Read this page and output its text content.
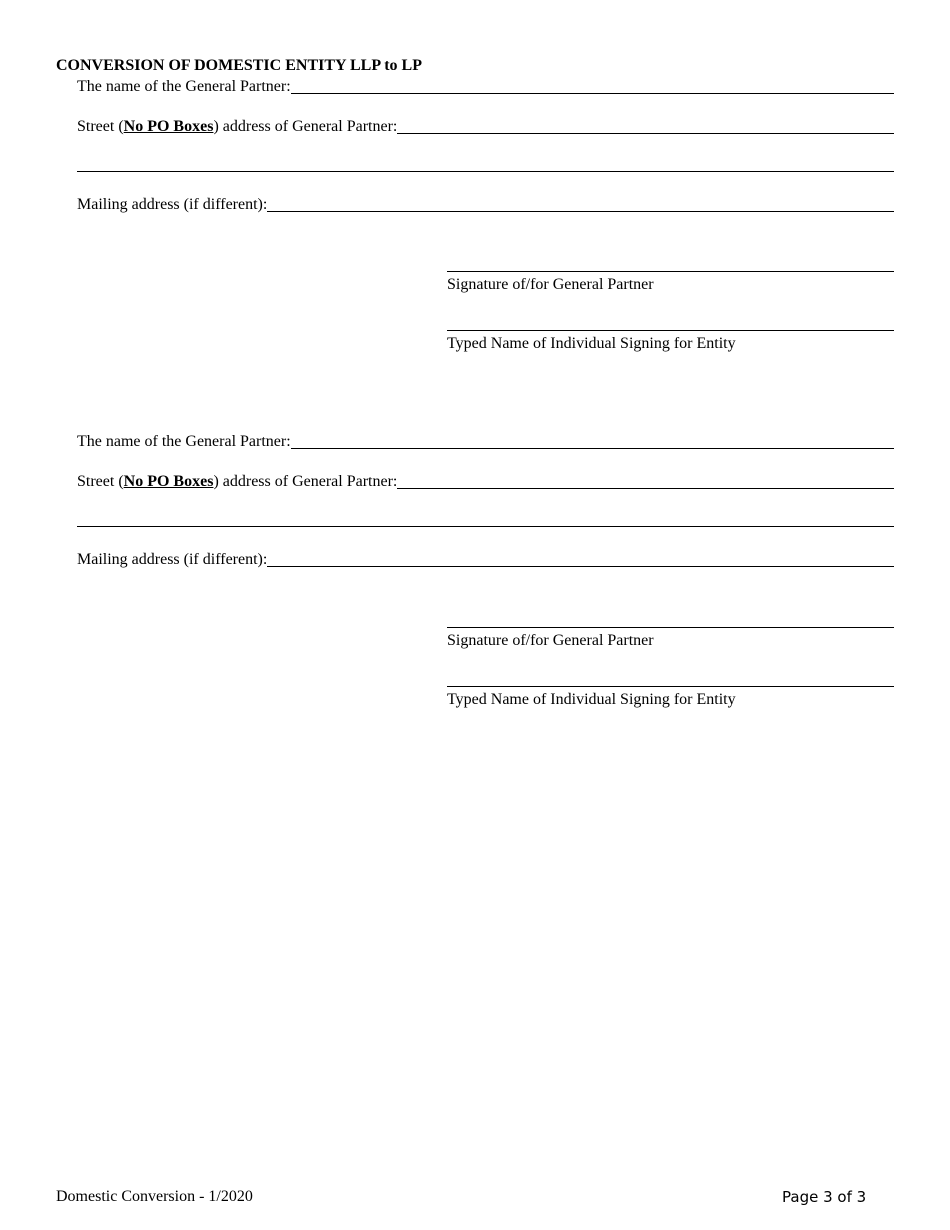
CONVERSION OF DOMESTIC ENTITY LLP to LP
The name of the General Partner:
Street (No PO Boxes) address of General Partner:
Mailing address (if different):
Signature of/for General Partner
Typed Name of Individual Signing for Entity
The name of the General Partner:
Street (No PO Boxes) address of General Partner:
Mailing address (if different):
Signature of/for General Partner
Typed Name of Individual Signing for Entity
Domestic Conversion - 1/2020	Page 3 of 3
